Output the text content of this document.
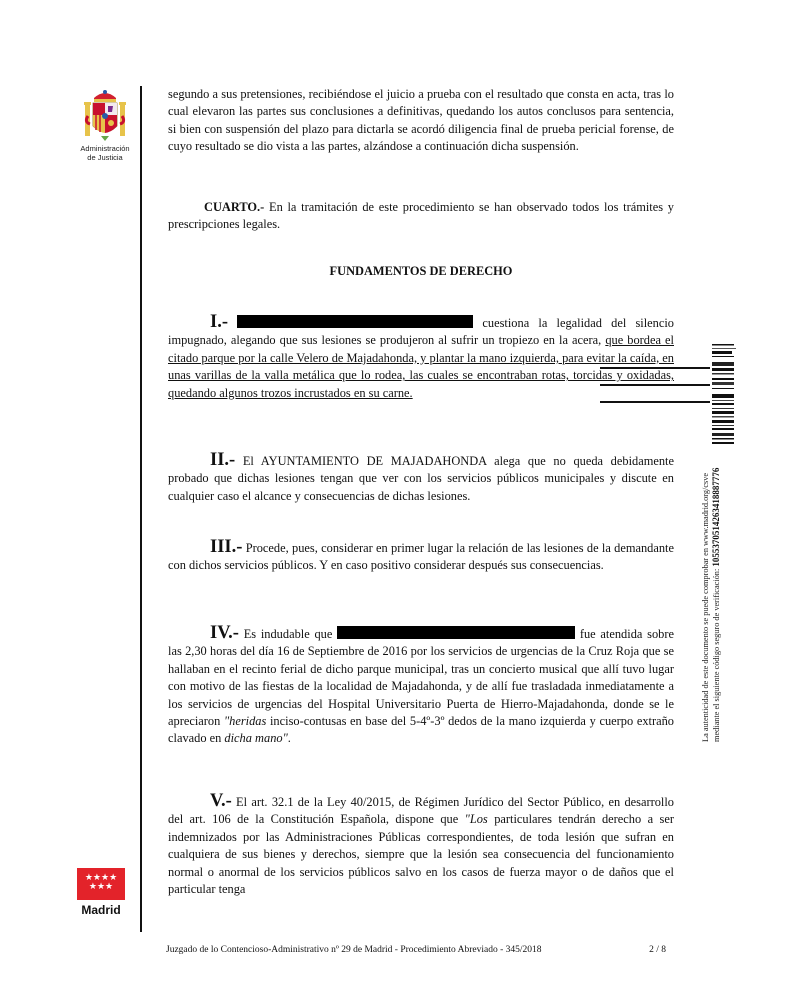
Administración
de Justicia
★★★★ ★★★
Madrid
segundo a sus pretensiones, recibiéndose el juicio a prueba con el resultado que consta en acta, tras lo cual elevaron las partes sus conclusiones a definitivas, quedando los autos conclusos para sentencia, si bien con suspensión del plazo para dictarla se acordó diligencia final de prueba pericial forense, de cuyo resultado se dio vista a las partes, alzándose a continuación dicha suspensión.
CUARTO.- En la tramitación de este procedimiento se han observado todos los trámites y prescripciones legales.
FUNDAMENTOS DE DERECHO
I.-	cuestiona la legalidad del silencio impugnado, alegando que sus lesiones se produjeron al sufrir un tropiezo en la acera, que bordea el citado parque por la calle Velero de Majadahonda, y plantar la mano izquierda, para evitar la caída, en unas varillas de la valla metálica que lo rodea, las cuales se encontraban rotas, torcidas y oxidadas, quedando algunos trozos incrustados en su carne.
II.- El AYUNTAMIENTO DE MAJADAHONDA alega que no queda debidamente probado que dichas lesiones tengan que ver con los servicios públicos municipales y discute en cualquier caso el alcance y consecuencias de dichas lesiones.
III.- Procede, pues, considerar en primer lugar la relación de las lesiones de la demandante con dichos servicios públicos. Y en caso positivo considerar después sus consecuencias.
IV.- Es indudable que	fue atendida sobre las 2,30 horas del día 16 de Septiembre de 2016 por los servicios de urgencias de la Cruz Roja que se hallaban en el recinto ferial de dicho parque municipal, tras un concierto musical que allí tuvo lugar con motivo de las fiestas de la localidad de Majadahonda, y de allí fue trasladada inmediatamente a los servicios de urgencias del Hospital Universitario Puerta de Hierro-Majadahonda, donde se le apreciaron "heridas inciso-contusas en base del 5-4º-3º dedos de la mano izquierda y cuerpo extraño clavado en dicha mano".
V.- El art. 32.1 de la Ley 40/2015, de Régimen Jurídico del Sector Público, en desarrollo del art. 106 de la Constitución Española, dispone que "Los particulares tendrán derecho a ser indemnizados por las Administraciones Públicas correspondientes, de toda lesión que sufran en cualquiera de sus bienes y derechos, siempre que la lesión sea consecuencia del funcionamiento normal o anormal de los servicios públicos salvo en los casos de fuerza mayor o de daños que el particular tenga
La autenticidad de este documento se puede comprobar en www.madrid.org/csve mediante el siguiente código seguro de verificación: 1055370514263418887776
Juzgado de lo Contencioso-Administrativo nº 29 de Madrid - Procedimiento Abreviado - 345/2018	2 / 8
